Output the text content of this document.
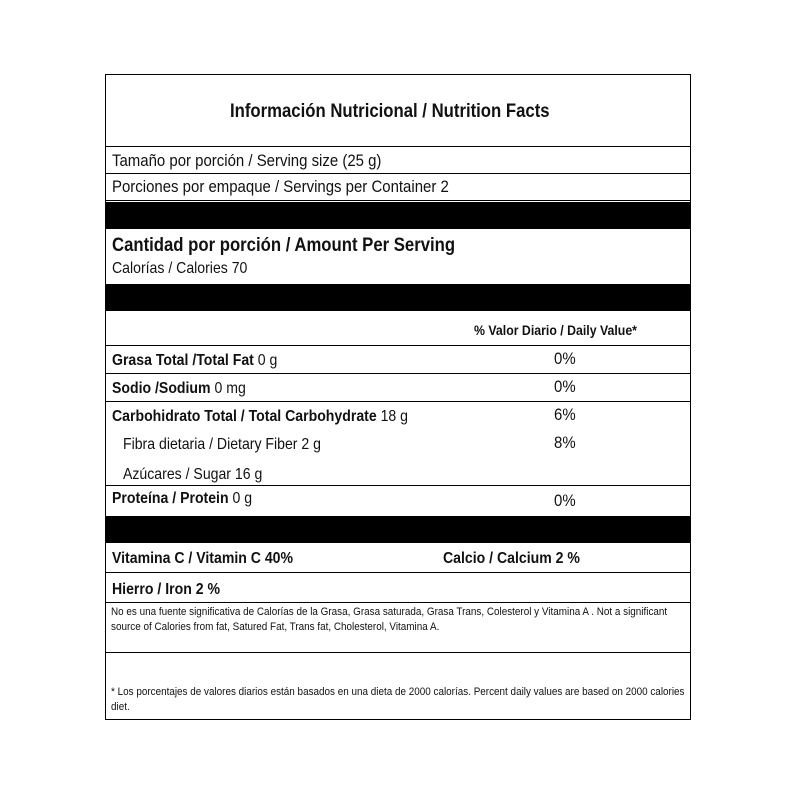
Información Nutricional / Nutrition Facts
Tamaño por porción / Serving size (25 g)
Porciones por empaque / Servings per Container 2
Cantidad por porción / Amount Per Serving
Calorías / Calories 70
% Valor Diario / Daily Value*
Grasa Total /Total Fat 0 g	0%
Sodio /Sodium 0 mg	0%
Carbohidrato Total / Total Carbohydrate 18 g	6%
Fibra dietaria / Dietary Fiber 2 g	8%
Azúcares / Sugar 16 g
Proteína / Protein 0 g	0%
Vitamina C / Vitamin C 40%	Calcio / Calcium 2 %
Hierro / Iron 2 %
No es una fuente significativa de Calorías de la Grasa, Grasa saturada, Grasa Trans, Colesterol y Vitamina A . Not a significant source of Calories from fat, Satured Fat, Trans fat, Cholesterol, Vitamina A.
* Los porcentajes de valores diarios están basados en una dieta de 2000 calorías. Percent daily values are based on 2000 calories diet.
